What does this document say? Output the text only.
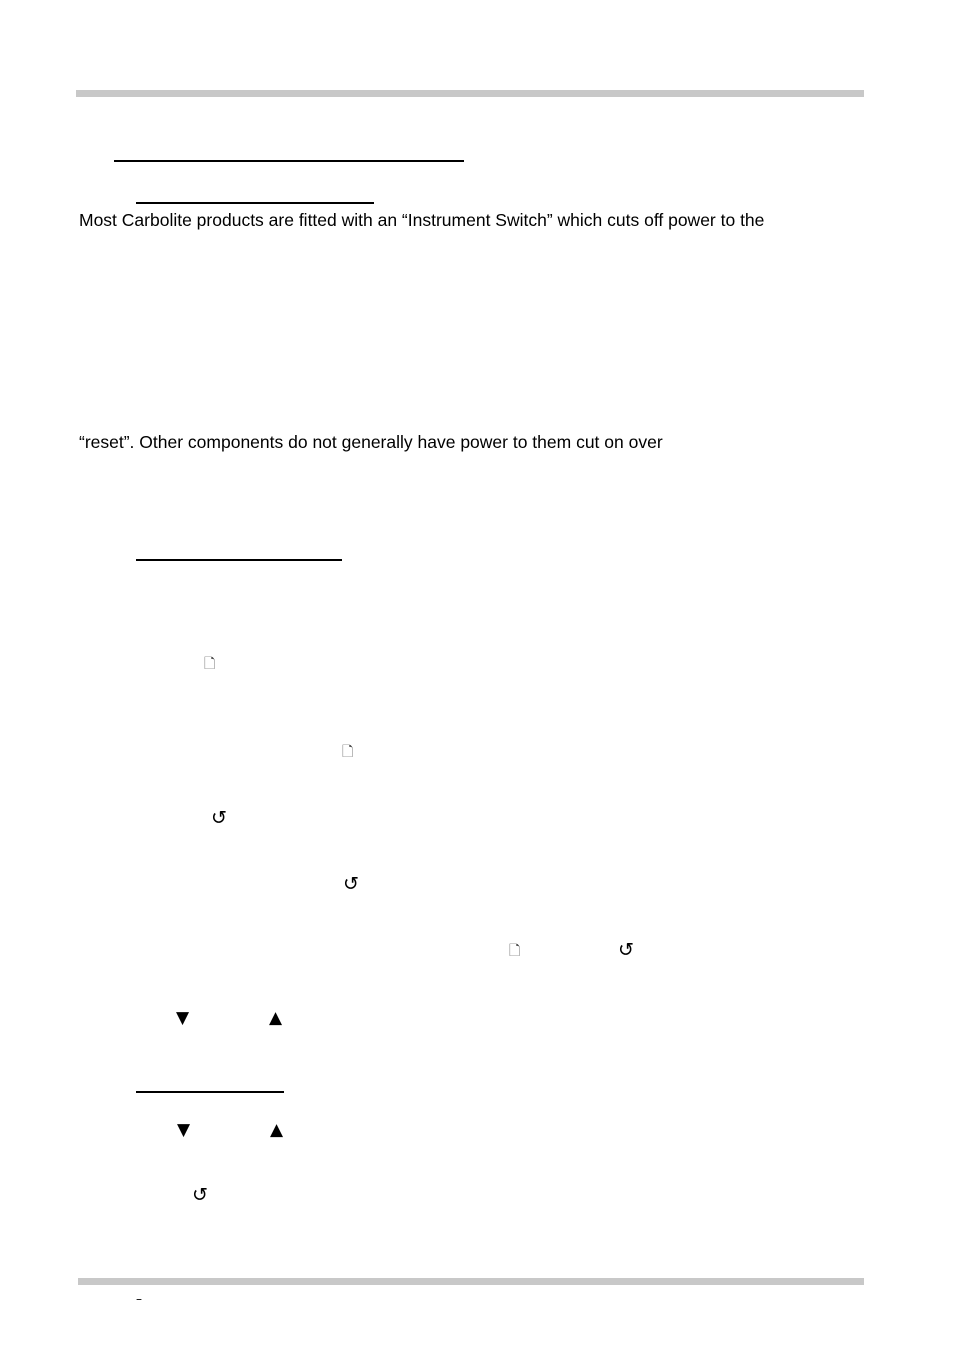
Most Carbolite products are fitted with an “Instrument Switch” which cuts off power to the
“reset”. Other components do not generally have power to them cut on over
🗋
🗋
↺
↺
🗋	↺
▼	▲
▼	▲
↺
–
